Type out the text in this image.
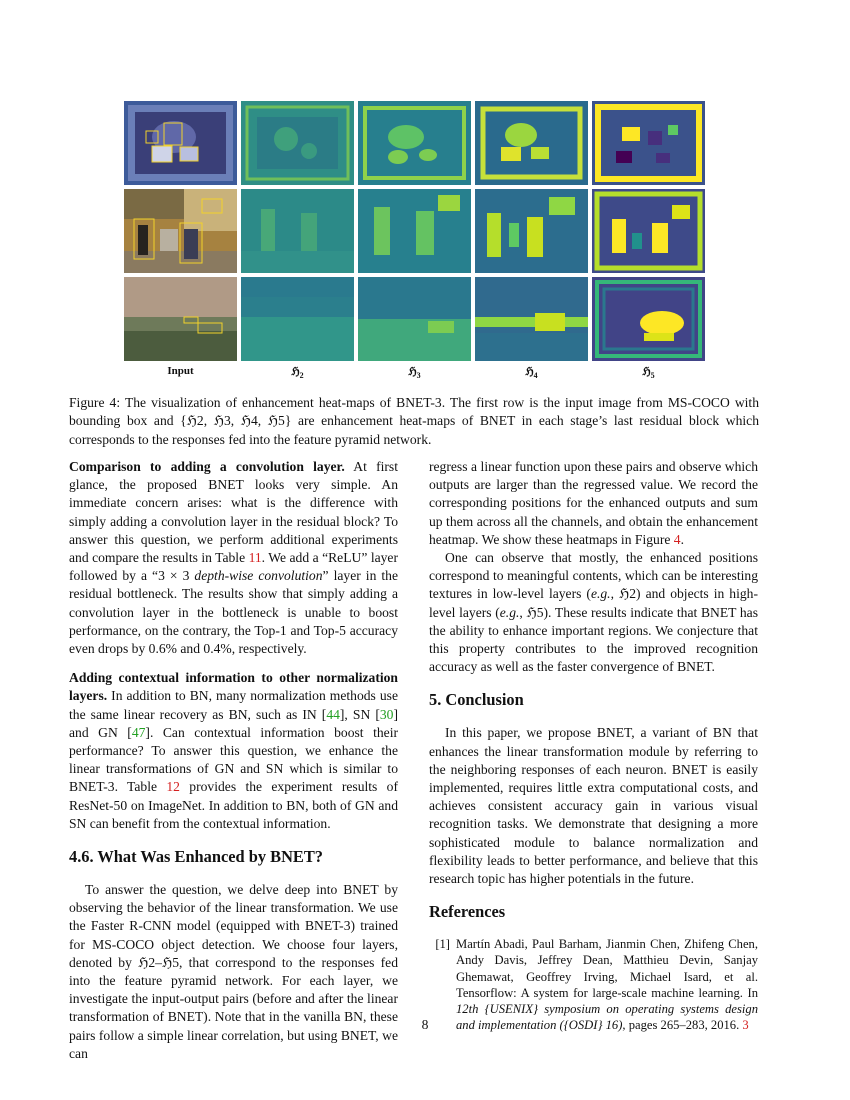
Input	ℌ$_2$	ℌ$_3$	ℌ$_4$	ℌ$_5$
Figure 4: The visualization of enhancement heat-maps of BNET-3. The first row is the input image from MS-COCO with bounding box and {ℌ2, ℌ3, ℌ4, ℌ5} are enhancement heat-maps of BNET in each stage’s last residual block which corresponds to the responses fed into the feature pyramid network.

Comparison to adding a convolution layer. At first glance, the proposed BNET looks very simple. An immediate concern arises: what is the difference with simply adding a convolution layer in the residual block? To answer this question, we perform additional experiments and compare the results in Table 11. We add a “ReLU” layer followed by a “3 × 3 depth-wise convolution” layer in the residual bottleneck. The results show that simply adding a convolution layer in the bottleneck is unable to boost performance, on the contrary, the Top-1 and Top-5 accuracy even drops by 0.6% and 0.4%, respectively.

Adding contextual information to other normalization layers. In addition to BN, many normalization methods use the same linear recovery as BN, such as IN [44], SN [30] and GN [47]. Can contextual information boost their performance? To answer this question, we enhance the linear transformations of GN and SN which is similar to BNET-3. Table 12 provides the experiment results of ResNet-50 on ImageNet. In addition to BN, both of GN and SN can benefit from the contextual information.

4.6. What Was Enhanced by BNET?

To answer the question, we delve deep into BNET by observing the behavior of the linear transformation. We use the Faster R-CNN model (equipped with BNET-3) trained for MS-COCO object detection. We choose four layers, denoted by ℌ2–ℌ5, that correspond to the responses fed into the feature pyramid network. For each layer, we investigate the input-output pairs (before and after the linear transformation of BNET). Note that in the vanilla BN, these pairs follow a simple linear correlation, but using BNET, we can

regress a linear function upon these pairs and observe which outputs are larger than the regressed value. We record the corresponding positions for the enhanced outputs and sum up them across all the channels, and obtain the enhancement heatmap. We show these heatmaps in Figure 4.

One can observe that mostly, the enhanced positions correspond to meaningful contents, which can be interesting textures in low-level layers (e.g., ℌ2) and objects in high-level layers (e.g., ℌ5). These results indicate that BNET has the ability to enhance important regions. We conjecture that this property contributes to the improved recognition accuracy as well as the faster convergence of BNET.

5. Conclusion

In this paper, we propose BNET, a variant of BN that enhances the linear transformation module by referring to the neighboring responses of each neuron. BNET is easily implemented, requires little extra computational costs, and achieves consistent accuracy gain in various visual recognition tasks. We demonstrate that designing a more sophisticated module to balance normalization and flexibility leads to better performance, and believe that this research topic has higher potentials in the future.

References
[1] Martín Abadi, Paul Barham, Jianmin Chen, Zhifeng Chen, Andy Davis, Jeffrey Dean, Matthieu Devin, Sanjay Ghemawat, Geoffrey Irving, Michael Isard, et al. Tensorflow: A system for large-scale machine learning. In 12th {USENIX} symposium on operating systems design and implementation ({OSDI} 16), pages 265–283, 2016. 3
8
